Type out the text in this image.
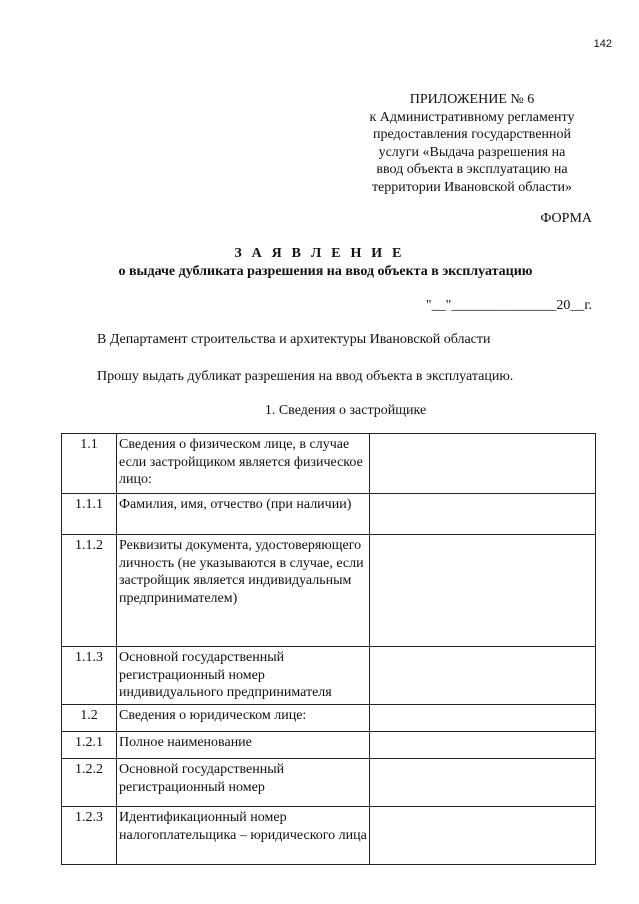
142
ПРИЛОЖЕНИЕ № 6
к Административному регламенту
предоставления государственной
услуги «Выдача разрешения на
ввод объекта в эксплуатацию на
территории Ивановской области»
ФОРМА
З А Я В Л Е Н И Е
о выдаче дубликата разрешения на ввод объекта в эксплуатацию
"__"_______________20__г.
В Департамент строительства и архитектуры Ивановской области
Прошу выдать дубликат разрешения на ввод объекта в эксплуатацию.
1. Сведения о застройщике
1.1	Сведения о физическом лице, в случае если застройщиком является физическое лицо:	
1.1.1	Фамилия, имя, отчество (при наличии)	
1.1.2	Реквизиты документа, удостоверяющего личность (не указываются в случае, если застройщик является индивидуальным предпринимателем)	
1.1.3	Основной государственный регистрационный номер индивидуального предпринимателя	
1.2	Сведения о юридическом лице:	
1.2.1	Полное наименование	
1.2.2	Основной государственный регистрационный номер	
1.2.3	Идентификационный номер налогоплательщика – юридического лица	
